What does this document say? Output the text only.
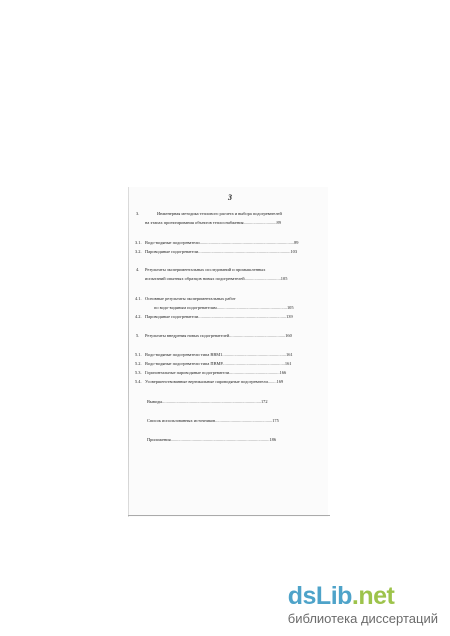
3
3.	Инженерная методика теплового расчета и выбора подогревателей
на этапах проектирования объектов теплоснабжения..............................89
3.1. Водо-водяные подогреватели......................................................................................89
3.2. Пароводяные подогреватели....................................................................................103
4. Результаты экспериментальных исследований и промышленных
испытаний опытных образцов новых подогревателей.................................105
4.1. Основные результаты экспериментальных работ
по водо-водяным подогревателям................................................................105
4.2. Пароводяные подогреватели................................................................................139
5. Результаты внедрения новых подогревателей...................................................160
5.1. Водо-водяные подогреватели типа ВВМ1..........................................................161
5.2. Водо-водяные подогреватели типа ПВМР.........................................................161
5.3. Горизонтальные пароводяные подогреватели..............................................166
5.4. Усовершенствованные вертикальные пароводяные подогреватели........169
Выводы..........................................................................................172
Список использованных источников....................................................175
Приложения..........................................................................................186
dsLib.net
библиотека диссертаций
